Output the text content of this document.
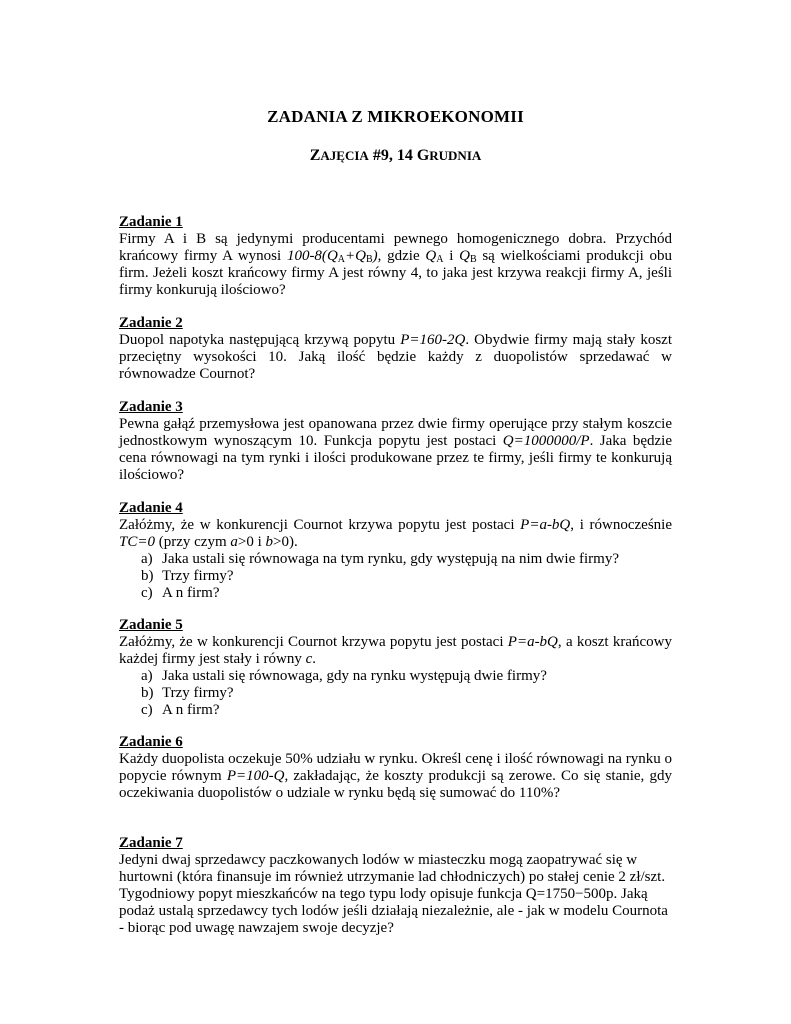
ZADANIA Z MIKROEKONOMII
ZAJĘCIA #9, 14 GRUDNIA
Zadanie 1

Firmy A i B są jedynymi producentami pewnego homogenicznego dobra. Przychód krańcowy firmy A wynosi $100-8(Q_A+Q_B)$, gdzie $Q_A$ i $Q_B$ są wielkościami produkcji obu firm. Jeżeli koszt krańcowy firmy A jest równy 4, to jaka jest krzywa reakcji firmy A, jeśli firmy konkurują ilościowo?

Zadanie 2

Duopol napotyka następującą krzywą popytu P=160-2Q. Obydwie firmy mają stały koszt przeciętny wysokości 10. Jaką ilość będzie każdy z duopolistów sprzedawać w równowadze Cournot?

Zadanie 3

Pewna gałąź przemysłowa jest opanowana przez dwie firmy operujące przy stałym koszcie jednostkowym wynoszącym 10. Funkcja popytu jest postaci Q=1000000/P. Jaka będzie cena równowagi na tym rynki i ilości produkowane przez te firmy, jeśli firmy te konkurują ilościowo?

Zadanie 4

Załóżmy, że w konkurencji Cournot krzywa popytu jest postaci P=a-bQ, i równocześnie TC=0 (przy czym a>0 i b>0).

a) Jaka ustali się równowaga na tym rynku, gdy występują na nim dwie firmy?
b) Trzy firmy?
c) A n firm?
Zadanie 5

Załóżmy, że w konkurencji Cournot krzywa popytu jest postaci P=a-bQ, a koszt krańcowy każdej firmy jest stały i równy c.

a) Jaka ustali się równowaga, gdy na rynku występują dwie firmy?
b) Trzy firmy?
c) A n firm?
Zadanie 6

Każdy duopolista oczekuje 50% udziału w rynku. Określ cenę i ilość równowagi na rynku o popycie równym P=100-Q, zakładając, że koszty produkcji są zerowe. Co się stanie, gdy oczekiwania duopolistów o udziale w rynku będą się sumować do 110%?

Zadanie 7

Jedyni dwaj sprzedawcy paczkowanych lodów w miasteczku mogą zaopatrywać się w hurtowni (która finansuje im również utrzymanie lad chłodniczych) po stałej cenie 2 zł/szt. Tygodniowy popyt mieszkańców na tego typu lody opisuje funkcja Q=1750−500p. Jaką podaż ustalą sprzedawcy tych lodów jeśli działają niezależnie, ale - jak w modelu Cournota - biorąc pod uwagę nawzajem swoje decyzje?
